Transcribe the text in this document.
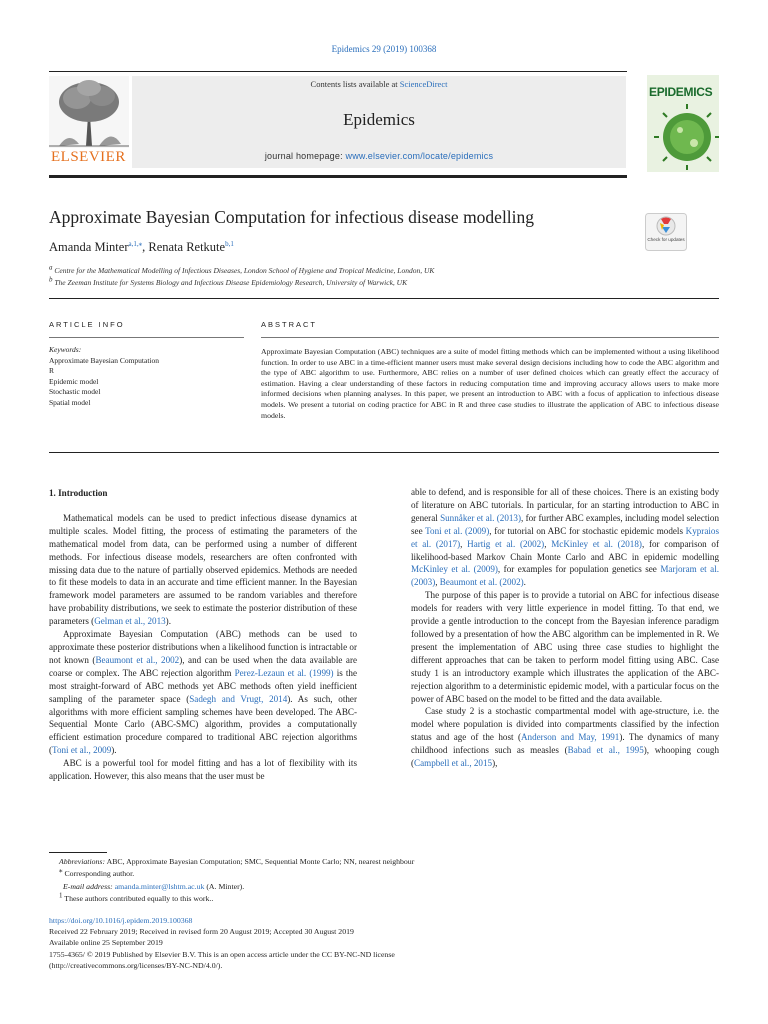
Epidemics 29 (2019) 100368
ELSEVIER
Contents lists available at ScienceDirect
Epidemics
journal homepage: www.elsevier.com/locate/epidemics
EPIDEMICS
Approximate Bayesian Computation for infectious disease modelling
Check for updates
Amanda Minter$^{a,1,⁎}$, Renata Retkute$^{b,1}$
$^a$ Centre for the Mathematical Modelling of Infectious Diseases, London School of Hygiene and Tropical Medicine, London, UK
$^b$ The Zeeman Institute for Systems Biology and Infectious Disease Epidemiology Research, University of Warwick, UK
ARTICLE INFO	ABSTRACT
Keywords:
Approximate Bayesian Computation
R
Epidemic model
Stochastic model
Spatial model
Approximate Bayesian Computation (ABC) techniques are a suite of model fitting methods which can be implemented without a using likelihood function. In order to use ABC in a time-efficient manner users must make several design decisions including how to code the ABC algorithm and the type of ABC algorithm to use. Furthermore, ABC relies on a number of user defined choices which can greatly effect the accuracy of estimation. Having a clear understanding of these factors in reducing computation time and improving accuracy allows users to make more informed decisions when planning analyses. In this paper, we present an introduction to ABC with a focus of application to infectious disease models. We present a tutorial on coding practice for ABC in R and three case studies to illustrate the application of ABC to infectious disease models.
1. Introduction

Mathematical models can be used to predict infectious disease dynamics at multiple scales. Model fitting, the process of estimating the parameters of the mathematical model from data, can be performed using a number of different methods. For infectious disease models, researchers are often confronted with missing data due to the nature of partially observed epidemics. Methods are needed to fit these models to data in an accurate and time efficient manner. In the Bayesian framework model parameters are assumed to be random variables and therefore have probability distributions, we seek to estimate the posterior distribution of these parameters (Gelman et al., 2013).

Approximate Bayesian Computation (ABC) methods can be used to approximate these posterior distributions when a likelihood function is intractable or not known (Beaumont et al., 2002), and can be used when the data available are coarse or complex. The ABC rejection algorithm Perez-Lezaun et al. (1999) is the most straight-forward of ABC methods yet ABC methods often yield inefficient sampling of the parameter space (Sadegh and Vrugt, 2014). As such, other algorithms with more efficient sampling schemes have been developed. The ABC-Sequential Monte Carlo (ABC-SMC) algorithm, provides a computationally efficient estimation procedure compared to traditional ABC rejection algorithms (Toni et al., 2009).

ABC is a powerful tool for model fitting and has a lot of flexibility with its application. However, this also means that the user must be

able to defend, and is responsible for all of these choices. There is an existing body of literature on ABC tutorials. In particular, for an starting introduction to ABC in general Sunnåker et al. (2013), for further ABC examples, including model selection see Toni et al. (2009), for tutorial on ABC for stochastic epidemic models Kypraios et al. (2017), Hartig et al. (2002), McKinley et al. (2018), for comparison of likelihood-based Markov Chain Monte Carlo and ABC in epidemic modelling McKinley et al. (2009), for examples for population genetics see Marjoram et al. (2003), Beaumont et al. (2002).

The purpose of this paper is to provide a tutorial on ABC for infectious disease models for readers with very little experience in model fitting. To that end, we provide a gentle introduction to the concept from the Bayesian inference paradigm followed by a presentation of how the ABC algorithm can be implemented in R. We present the implementation of ABC using three case studies to highlight the different approaches that can be taken to perform model fitting using ABC. Case study 1 is an introductory example which illustrates the application of the ABC-rejection algorithm to a deterministic epidemic model, with a particular focus on the power of ABC based on the model to be fitted and the data available.

Case study 2 is a stochastic compartmental model with age-structure, i.e. the model where population is divided into compartments classified by the infection status and age of the host (Anderson and May, 1991). The dynamics of many childhood infections such as measles (Babad et al., 1995), whooping cough (Campbell et al., 2015),

Abbreviations: ABC, Approximate Bayesian Computation; SMC, Sequential Monte Carlo; NN, nearest neighbour
⁎ Corresponding author.
E-mail address: amanda.minter@lshtm.ac.uk (A. Minter).
$^1$ These authors contributed equally to this work..
https://doi.org/10.1016/j.epidem.2019.100368
Received 22 February 2019; Received in revised form 20 August 2019; Accepted 30 August 2019
Available online 25 September 2019
1755-4365/ © 2019 Published by Elsevier B.V. This is an open access article under the CC BY-NC-ND license
(http://creativecommons.org/licenses/BY-NC-ND/4.0/).
